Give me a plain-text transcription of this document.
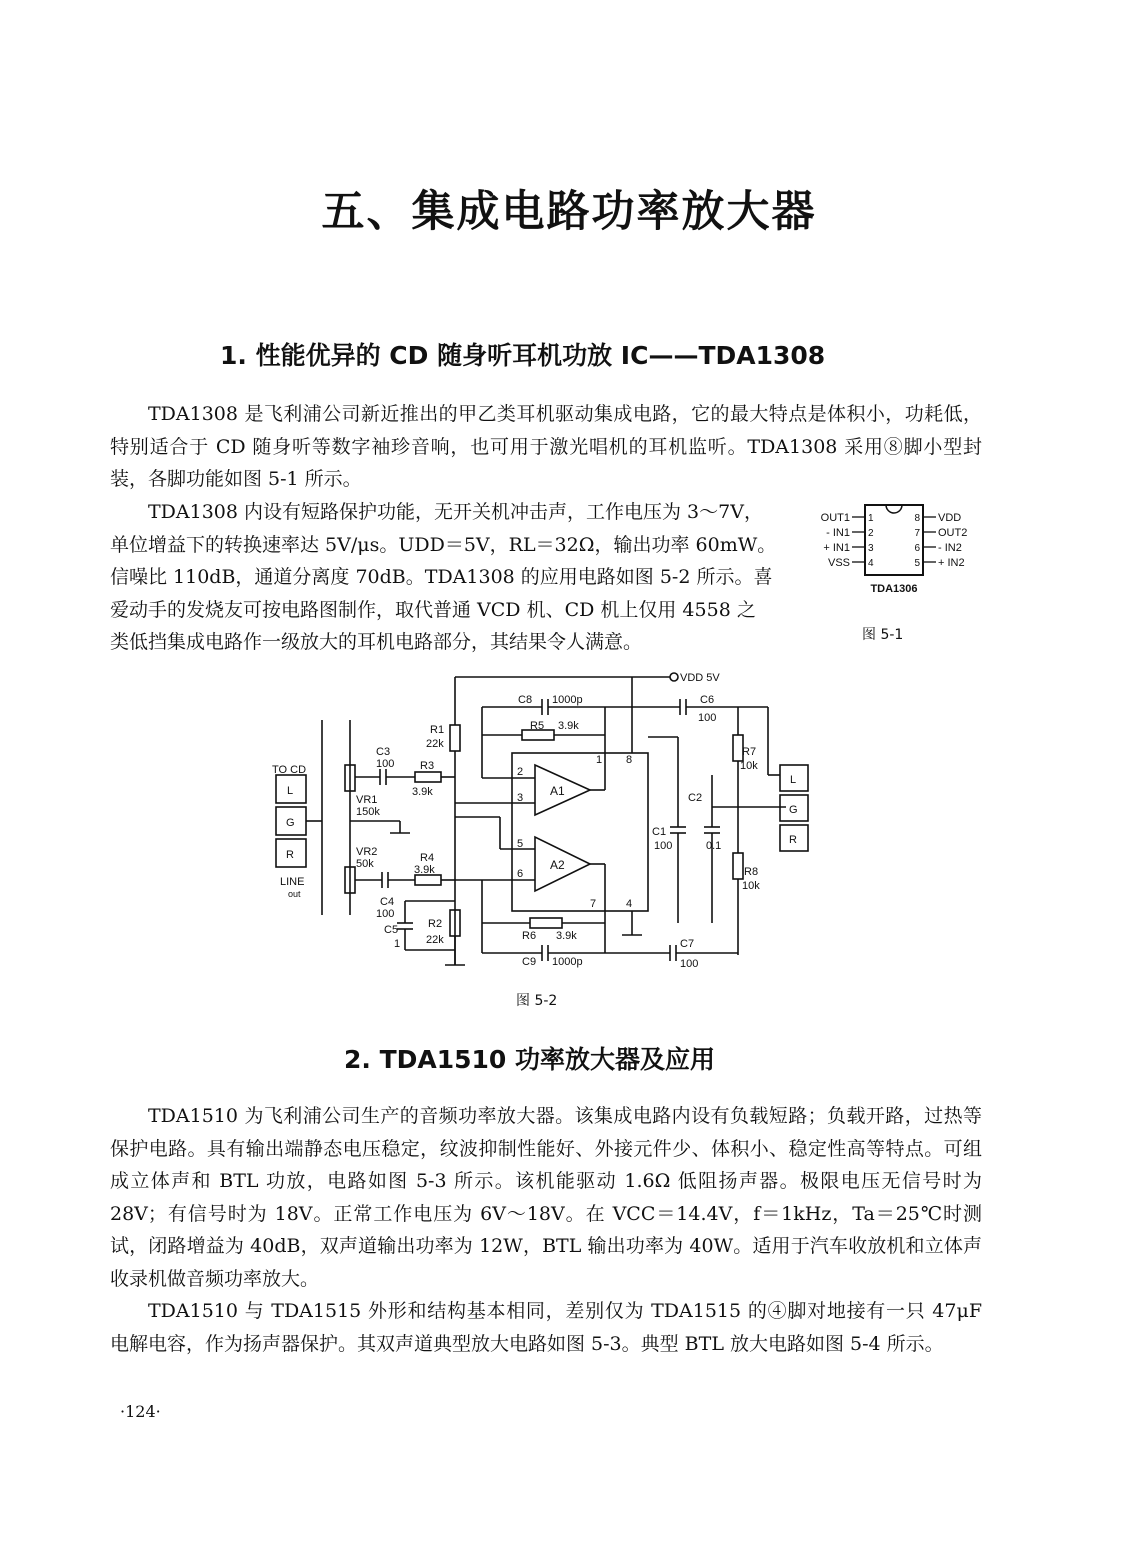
五、集成电路功率放大器
1. 性能优异的 CD 随身听耳机功放 IC——TDA1308

TDA1308 是飞利浦公司新近推出的甲乙类耳机驱动集成电路，它的最大特点是体积小，功耗低，特别适合于 CD 随身听等数字袖珍音响，也可用于激光唱机的耳机监听。TDA1308 采用⑧脚小型封装，各脚功能如图 5-1 所示。

TDA1308 内设有短路保护功能，无开关机冲击声，工作电压为 3～7V，
单位增益下的转换速率达 5V/μs。UDD＝5V，RL＝32Ω，输出功率 60mW。
信噪比 110dB，通道分离度 70dB。TDA1308 的应用电路如图 5-2 所示。喜
爱动手的发烧友可按电路图制作，取代普通 VCD 机、CD 机上仅用 4558 之
类低挡集成电路作一级放大的耳机电路部分，其结果令人满意。
OUT1
- IN1
+ IN1
VSS
1
2
3
4
8
7
6
5
VDD
OUT2
- IN2
+ IN2
TDA1306
图 5-1
VDD 5V
C8 1000p	C6
100
R5 3.9k
R1
22k
TO CD
L
G
R
C3
100 R3
3.9k
VR1
150k
VR2
50k
LINE
out
C4
100
R4
3.9k
C5
1
R2
22k
A1
A2
2
3
5
6
1 8
7	4
C1
100
C2
0.1
R7
10k
R8
10k
L
G
R
R6 3.9k
C9 1000p
C7
100
图 5-2
2. TDA1510 功率放大器及应用

TDA1510 为飞利浦公司生产的音频功率放大器。该集成电路内设有负载短路；负载开路，过热等保护电路。具有输出端静态电压稳定，纹波抑制性能好、外接元件少、体积小、稳定性高等特点。可组成立体声和 BTL 功放，电路如图 5-3 所示。该机能驱动 1.6Ω 低阻扬声器。极限电压无信号时为 28V；有信号时为 18V。正常工作电压为 6V～18V。在 VCC＝14.4V，f＝1kHz，Ta＝25℃时测试，闭路增益为 40dB，双声道输出功率为 12W，BTL 输出功率为 40W。适用于汽车收放机和立体声收录机做音频功率放大。

TDA1510 与 TDA1515 外形和结构基本相同，差别仅为 TDA1515 的④脚对地接有一只 47μF 电解电容，作为扬声器保护。其双声道典型放大电路如图 5-3。典型 BTL 放大电路如图 5-4 所示。

·124·
